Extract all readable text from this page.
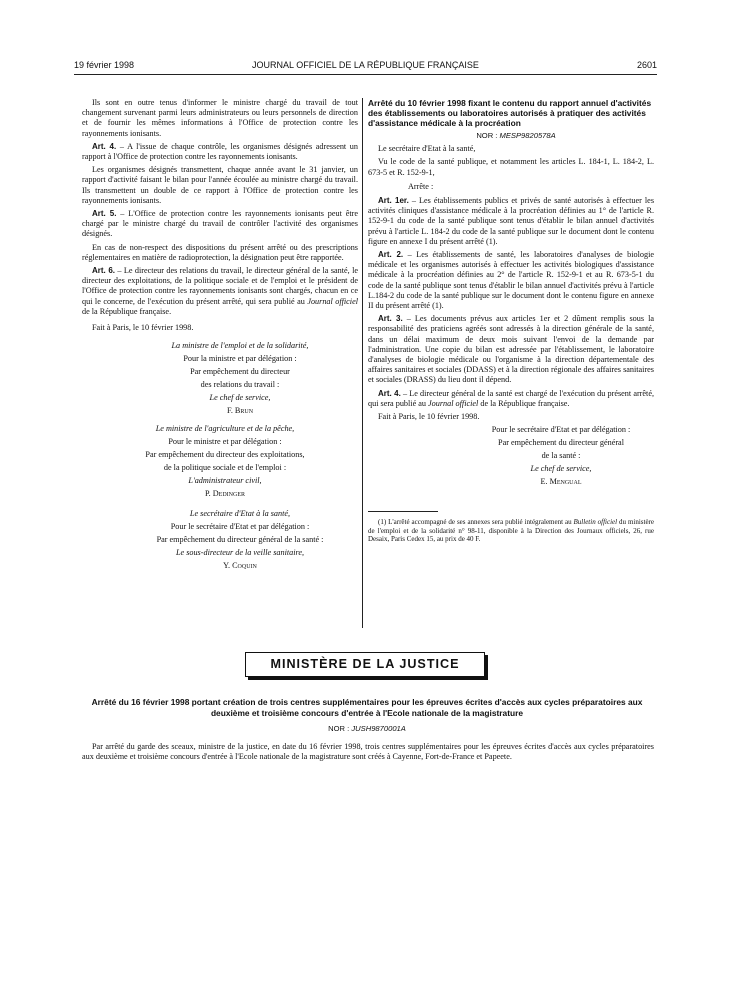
19 février 1998	JOURNAL OFFICIEL DE LA RÉPUBLIQUE FRANÇAISE	2601

Ils sont en outre tenus d'informer le ministre chargé du travail de tout changement survenant parmi leurs administrateurs ou leurs personnels de direction et de fournir les mêmes informations à l'Office de protection contre les rayonnements ionisants.

Art. 4. – A l'issue de chaque contrôle, les organismes désignés adressent un rapport à l'Office de protection contre les rayonnements ionisants.

Les organismes désignés transmettent, chaque année avant le 31 janvier, un rapport d'activité faisant le bilan pour l'année écoulée au ministre chargé du travail. Ils transmettent un double de ce rapport à l'Office de protection contre les rayonnements ionisants.

Art. 5. – L'Office de protection contre les rayonnements ionisants peut être chargé par le ministre chargé du travail de contrôler l'activité des organismes désignés.

En cas de non-respect des dispositions du présent arrêté ou des prescriptions réglementaires en matière de radioprotection, la désignation peut être rapportée.

Art. 6. – Le directeur des relations du travail, le directeur général de la santé, le directeur des exploitations, de la politique sociale et de l'emploi et le président de l'Office de protection contre les rayonnements ionisants sont chargés, chacun en ce qui le concerne, de l'exécution du présent arrêté, qui sera publié au Journal officiel de la République française.

Fait à Paris, le 10 février 1998.

La ministre de l'emploi et de la solidarité,

Pour la ministre et par délégation :

Par empêchement du directeur

des relations du travail :

Le chef de service,

F. Brun

Le ministre de l'agriculture et de la pêche,

Pour le ministre et par délégation :

Par empêchement du directeur des exploitations,

de la politique sociale et de l'emploi :

L'administrateur civil,

P. Dedinger

Le secrétaire d'Etat à la santé,

Pour le secrétaire d'Etat et par délégation :

Par empêchement du directeur général de la santé :

Le sous-directeur de la veille sanitaire,

Y. Coquin

Arrêté du 10 février 1998 fixant le contenu du rapport annuel d'activités des établissements ou laboratoires autorisés à pratiquer des activités d'assistance médicale à la procréation

NOR : MESP9820578A

Le secrétaire d'Etat à la santé,

Vu le code de la santé publique, et notamment les articles L. 184-1, L. 184-2, L. 673-5 et R. 152-9-1,

Arrête :

Art. 1er. – Les établissements publics et privés de santé autorisés à effectuer les activités cliniques d'assistance médicale à la procréation définies au 1° de l'article R. 152-9-1 du code de la santé publique sont tenus d'établir le bilan annuel d'activités prévu à l'article L. 184-2 du code de la santé publique sur le document dont le contenu figure en annexe I du présent arrêté (1).

Art. 2. – Les établissements de santé, les laboratoires d'analyses de biologie médicale et les organismes autorisés à effectuer les activités biologiques d'assistance médicale à la procréation définies au 2° de l'article R. 152-9-1 et au R. 673-5-1 du code de la santé publique sont tenus d'établir le bilan annuel d'activités prévu à l'article L.184-2 du code de la santé publique sur le document dont le contenu figure en annexe II du présent arrêté (1).

Art. 3. – Les documents prévus aux articles 1er et 2 dûment remplis sous la responsabilité des praticiens agréés sont adressés à la direction générale de la santé, dans un délai maximum de deux mois suivant l'envoi de la demande par l'administration. Une copie du bilan est adressée par l'établissement, le laboratoire d'analyses de biologie médicale ou l'organisme à la direction départementale des affaires sanitaires et sociales (DDASS) et à la direction régionale des affaires sanitaires et sociales (DRASS) du lieu dont il dépend.

Art. 4. – Le directeur général de la santé est chargé de l'exécution du présent arrêté, qui sera publié au Journal officiel de la République française.

Fait à Paris, le 10 février 1998.

Pour le secrétaire d'Etat et par délégation :

Par empêchement du directeur général

de la santé :

Le chef de service,

E. Mengual

(1) L'arrêté accompagné de ses annexes sera publié intégralement au Bulletin officiel du ministère de l'emploi et de la solidarité n° 98-11, disponible à la Direction des Journaux officiels, 26, rue Desaix, Paris Cedex 15, au prix de 40 F.

MINISTÈRE DE LA JUSTICE
Arrêté du 16 février 1998 portant création de trois centres supplémentaires pour les épreuves écrites d'accès aux cycles préparatoires aux deuxième et troisième concours d'entrée à l'Ecole nationale de la magistrature
NOR : JUSH9870001A

Par arrêté du garde des sceaux, ministre de la justice, en date du 16 février 1998, trois centres supplémentaires pour les épreuves écrites d'accès aux cycles préparatoires aux deuxième et troisième concours d'entrée à l'Ecole nationale de la magistrature sont créés à Cayenne, Fort-de-France et Papeete.
